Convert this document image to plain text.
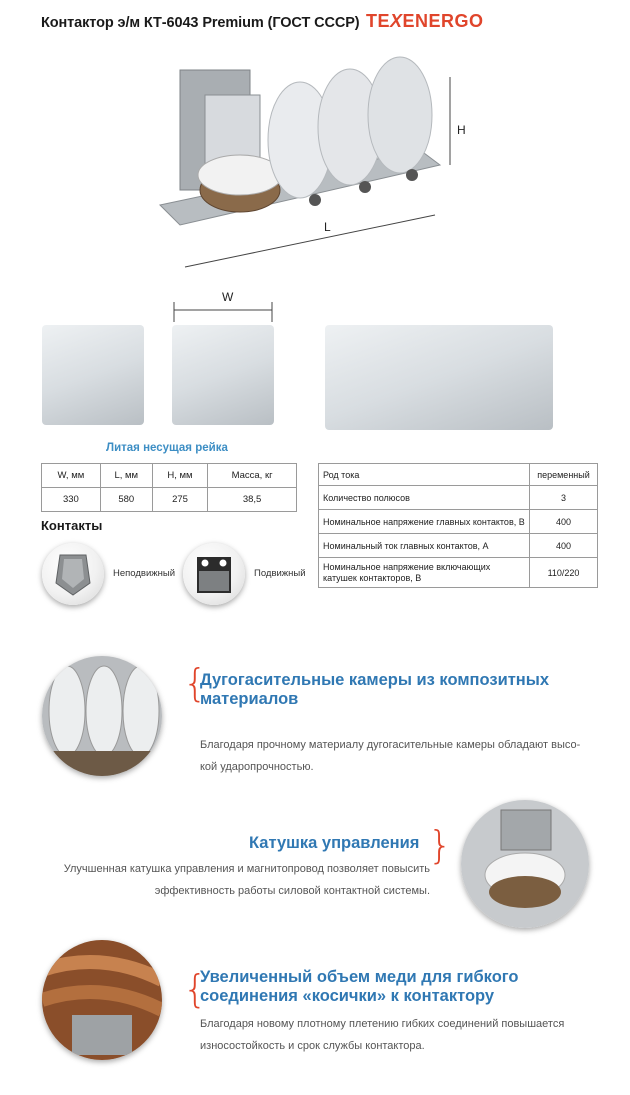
Контактор э/м КТ-6043 Premium (ГОСТ СССР) TEXENERGO
H
L
W
Литая несущая рейка
W, мм	L, мм	H, мм	Масса, кг
330	580	275	38,5
Род тока	переменный
Количество полюсов	3
Номинальное напряжение главных контактов, В	400
Номинальный ток главных контактов, А	400
Номинальное напряжение включающих катушек контакторов, В	110/220
Контакты
Неподвижный	Подвижный
{
Дугогасительные камеры из композитных материалов
Благодаря прочному материалу дугогасительные камеры обладают высо-кой ударопрочностью.
Катушка управления }
Улучшенная катушка управления и магнитопровод позволяет повысить эффективность работы силовой контактной системы.
{
Увеличенный объем меди для гибкого соединения «косички» к контактору
Благодаря новому плотному плетению гибких соединений повышается износостойкость и срок службы контактора.
